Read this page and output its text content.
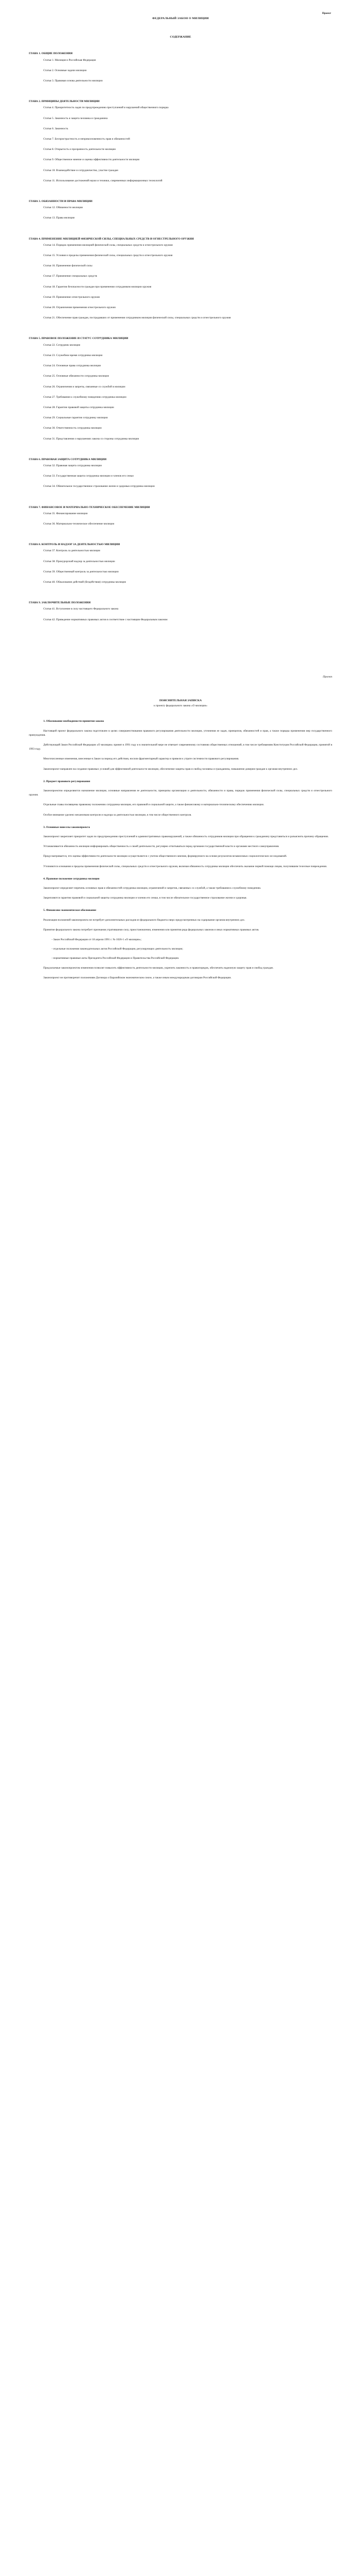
Проект
ФЕДЕРАЛЬНЫЙ ЗАКОН О МИЛИЦИИ
СОДЕРЖАНИЕ
ГЛАВА 1. ОБЩИЕ ПОЛОЖЕНИЯ
Статья 1. Милиция и Российская Федерация
Статья 2. Основные задачи милиции
Статья 3. Правовая основа деятельности милиции
ГЛАВА 2. ПРИНЦИПЫ ДЕЯТЕЛЬНОСТИ МИЛИЦИИ
Статья 4. Приоритетность задач по предупреждению преступлений и нарушений общественного порядка
Статья 5. Законность и защита человека и гражданина
Статья 6. Законность
Статья 7. Беспристрастность и неприкосновенность прав и обязанностей
Статья 8. Открытость и прозрачность деятельности милиции
Статья 9. Общественное мнение и оценка эффективности деятельности милиции
Статья 10. Взаимодействие и сотрудничество, участие граждан
Статья 11. Использование достижений науки и техники, современных информационных технологий
ГЛАВА 3. ОБЯЗАННОСТИ И ПРАВА МИЛИЦИИ
Статья 12. Обязанности милиции
Статья 13. Права милиции
ГЛАВА 4. ПРИМЕНЕНИЕ МИЛИЦИЕЙ ФИЗИЧЕСКОЙ СИЛЫ, СПЕЦИАЛЬНЫХ СРЕДСТВ И ОГНЕСТРЕЛЬНОГО ОРУЖИЯ
Статья 14. Порядок применения милицией физической силы, специальных средств и огнестрельного оружия
Статья 15. Условия и пределы применения физической силы, специальных средств и огнестрельного оружия
Статья 16. Применение физической силы
Статья 17. Применение специальных средств
Статья 18. Гарантии безопасности граждан при применении сотрудником милиции оружия
Статья 19. Применение огнестрельного оружия
Статья 20. Ограничения применения огнестрельного оружия
Статья 21. Обеспечение прав граждан, пострадавших от применения сотрудником милиции физической силы, специальных средств и огнестрельного оружия
ГЛАВА 5. ПРАВОВОЕ ПОЛОЖЕНИЕ И СТАТУС СОТРУДНИКА МИЛИЦИИ
Статья 22. Сотрудник милиции
Статья 23. Служебное время сотрудника милиции
Статья 24. Основные права сотрудника милиции
Статья 25. Основные обязанности сотрудника милиции
Статья 26. Ограничения и запреты, связанные со службой в милиции
Статья 27. Требования к служебному поведению сотрудника милиции
Статья 28. Гарантии правовой защиты сотрудника милиции
Статья 29. Социальные гарантии сотруднику милиции
Статья 30. Ответственность сотрудника милиции
Статья 31. Представления о нарушениях закона со стороны сотрудника милиции
ГЛАВА 6. ПРАВОВАЯ ЗАЩИТА СОТРУДНИКА МИЛИЦИИ
Статья 32. Правовая защита сотрудника милиции
Статья 33. Государственная защита сотрудника милиции и членов его семьи
Статья 34. Обязательное государственное страхование жизни и здоровья сотрудника милиции
ГЛАВА 7. ФИНАНСОВОЕ И МАТЕРИАЛЬНО-ТЕХНИЧЕСКОЕ ОБЕСПЕЧЕНИЕ МИЛИЦИИ
Статья 35. Финансирование милиции
Статья 36. Материально-техническое обеспечение милиции
ГЛАВА 8. КОНТРОЛЬ И НАДЗОР ЗА ДЕЯТЕЛЬНОСТЬЮ МИЛИЦИИ
Статья 37. Контроль за деятельностью милиции
Статья 38. Прокурорский надзор за деятельностью милиции
Статья 39. Общественный контроль за деятельностью милиции
Статья 40. Обжалование действий (бездействия) сотрудника милиции
ГЛАВА 9. ЗАКЛЮЧИТЕЛЬНЫЕ ПОЛОЖЕНИЯ
Статья 41. Вступление в силу настоящего Федерального закона
Статья 42. Приведение нормативных правовых актов в соответствие с настоящим Федеральным законом
Проект
ПОЯСНИТЕЛЬНАЯ ЗАПИСКА
к проекту федерального закона «О милиции»
1. Обоснование необходимости принятия закона

Настоящий проект федерального закона подготовлен в целях совершенствования правового регулирования деятельности милиции, уточнения ее задач, принципов, обязанностей и прав, а также порядка применения мер государственного принуждения.

Действующий Закон Российской Федерации «О милиции» принят в 1991 году и в значительной мере не отвечает современному состоянию общественных отношений, в том числе требованиям Конституции Российской Федерации, принятой в 1993 году.

Многочисленные изменения, внесенные в Закон за период его действия, носили фрагментарный характер и привели к утрате системности правового регулирования.

Законопроект направлен на создание правовых условий для эффективной деятельности милиции, обеспечение защиты прав и свобод человека и гражданина, повышение доверия граждан к органам внутренних дел.

2. Предмет правового регулирования

Законопроектом определяются назначение милиции, основные направления ее деятельности, принципы организации и деятельности, обязанности и права, порядок применения физической силы, специальных средств и огнестрельного оружия.

Отдельные главы посвящены правовому положению сотрудника милиции, его правовой и социальной защите, а также финансовому и материально-техническому обеспечению милиции.

Особое внимание уделено механизмам контроля и надзора за деятельностью милиции, в том числе общественного контроля.

3. Основные новеллы законопроекта

Законопроект закрепляет приоритет задач по предупреждению преступлений и административных правонарушений, а также обязанность сотрудников милиции при обращении к гражданину представиться и разъяснить причину обращения.

Устанавливается обязанность милиции информировать общественность о своей деятельности, регулярно отчитываться перед органами государственной власти и органами местного самоуправления.

Предусматривается, что оценка эффективности деятельности милиции осуществляется с учетом общественного мнения, формируемого на основе результатов независимых социологических исследований.

Уточняются основания и пределы применения физической силы, специальных средств и огнестрельного оружия, включая обязанность сотрудника милиции обеспечить оказание первой помощи лицам, получившим телесные повреждения.

4. Правовое положение сотрудника милиции

Законопроект определяет перечень основных прав и обязанностей сотрудника милиции, ограничений и запретов, связанных со службой, а также требования к служебному поведению.

Закрепляются гарантии правовой и социальной защиты сотрудника милиции и членов его семьи, в том числе обязательное государственное страхование жизни и здоровья.

5. Финансово-экономическое обоснование

Реализация положений законопроекта не потребует дополнительных расходов из федерального бюджета сверх предусмотренных на содержание органов внутренних дел.

Принятие федерального закона потребует признания утратившими силу, приостановления, изменения или принятия ряда федеральных законов и иных нормативных правовых актов.

- Закон Российской Федерации от 18 апреля 1991 г. № 1026-1 «О милиции»;
- отдельные положения законодательных актов Российской Федерации, регулирующих деятельность милиции;
- нормативные правовые акты Президента Российской Федерации и Правительства Российской Федерации.

Предлагаемые законопроектом изменения позволят повысить эффективность деятельности милиции, укрепить законность и правопорядок, обеспечить надежную защиту прав и свобод граждан.

Законопроект не противоречит положениям Договора о Евразийском экономическом союзе, а также иным международным договорам Российской Федерации.
